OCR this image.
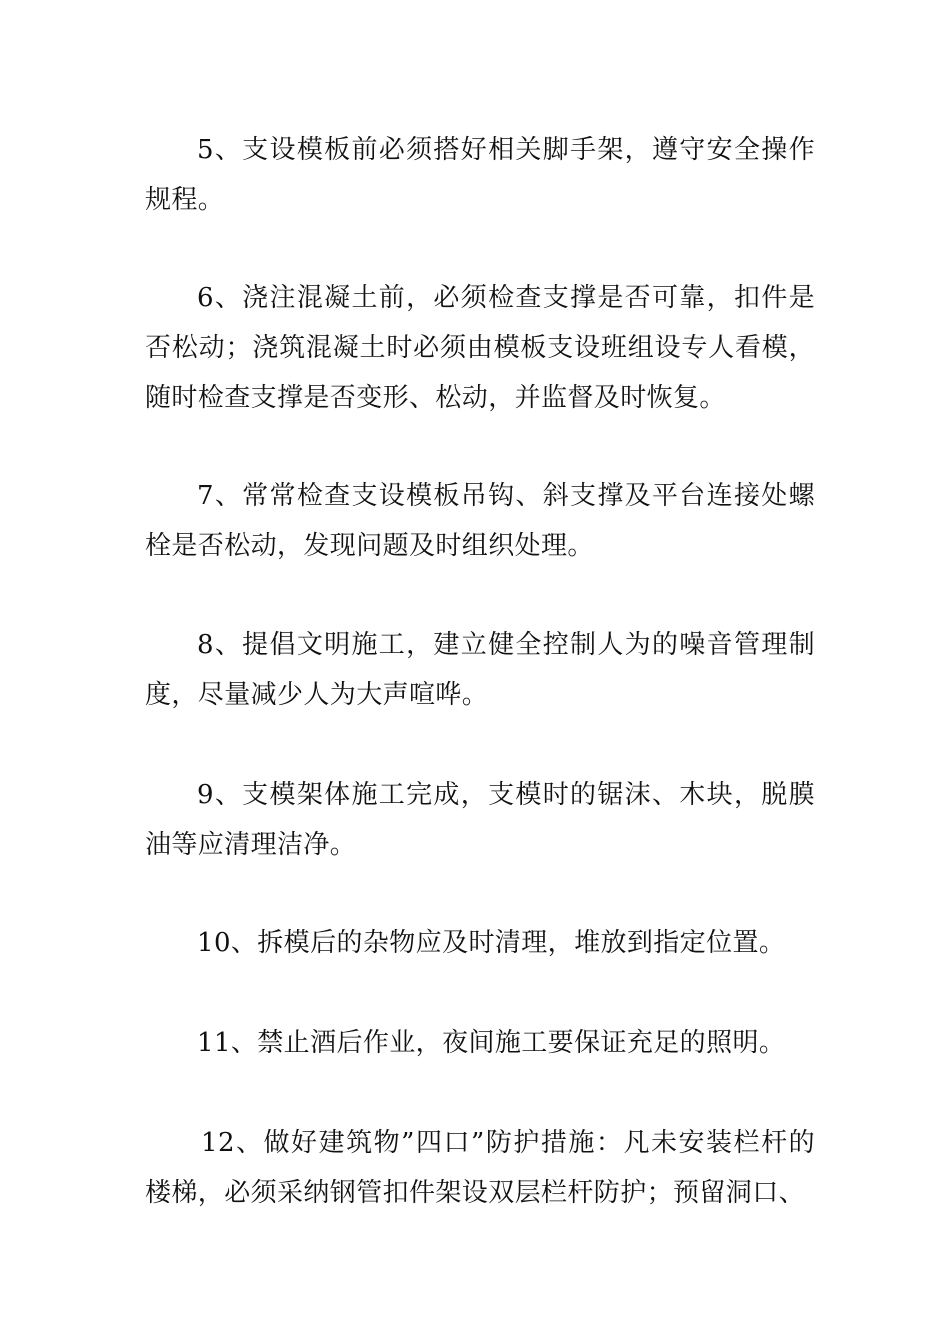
5、支设模板前必须搭好相关脚手架，遵守安全操作规程。

6、浇注混凝土前，必须检查支撑是否可靠，扣件是否松动；浇筑混凝土时必须由模板支设班组设专人看模，随时检查支撑是否变形、松动，并监督及时恢复。

7、常常检查支设模板吊钩、斜支撑及平台连接处螺栓是否松动，发现问题及时组织处理。

8、提倡文明施工，建立健全控制人为的噪音管理制度，尽量减少人为大声喧哗。

9、支模架体施工完成，支模时的锯沫、木块，脱膜油等应清理洁净。

10、拆模后的杂物应及时清理，堆放到指定位置。

11、禁止酒后作业，夜间施工要保证充足的照明。

12、做好建筑物”四口”防护措施：凡未安装栏杆的楼梯，必须采纳钢管扣件架设双层栏杆防护；预留洞口、
